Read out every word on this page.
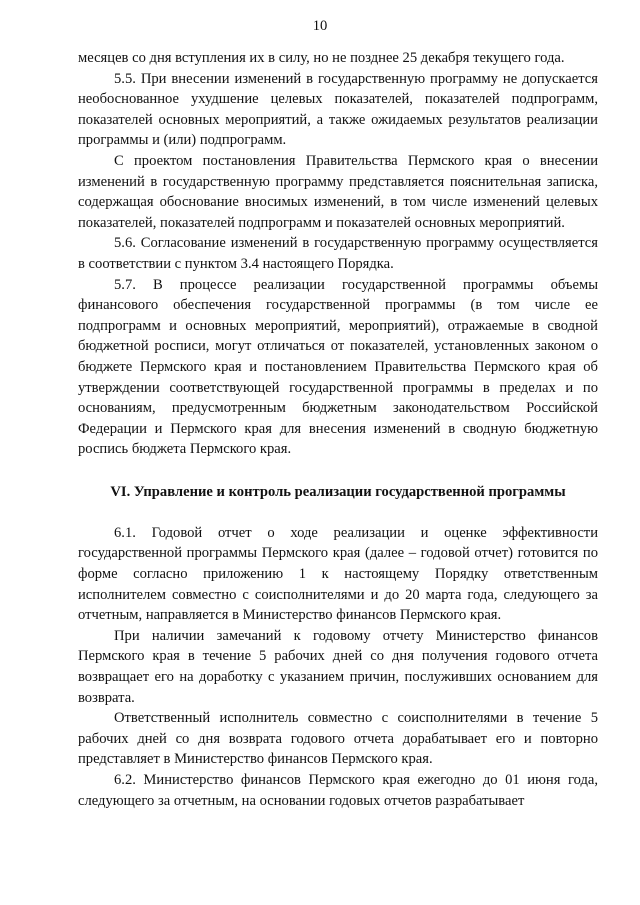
10

месяцев со дня вступления их в силу, но не позднее 25 декабря текущего года.

5.5. При внесении изменений в государственную программу не допускается необоснованное ухудшение целевых показателей, показателей подпрограмм, показателей основных мероприятий, а также ожидаемых результатов реализации программы и (или) подпрограмм.

С проектом постановления Правительства Пермского края о внесении изменений в государственную программу представляется пояснительная записка, содержащая обоснование вносимых изменений, в том числе изменений целевых показателей, показателей подпрограмм и показателей основных мероприятий.

5.6. Согласование изменений в государственную программу осуществляется в соответствии с пунктом 3.4 настоящего Порядка.

5.7. В процессе реализации государственной программы объемы финансового обеспечения государственной программы (в том числе ее подпрограмм и основных мероприятий, мероприятий), отражаемые в сводной бюджетной росписи, могут отличаться от показателей, установленных законом о бюджете Пермского края и постановлением Правительства Пермского края об утверждении соответствующей государственной программы в пределах и по основаниям, предусмотренным бюджетным законодательством Российской Федерации и Пермского края для внесения изменений в сводную бюджетную роспись бюджета Пермского края.

VI. Управление и контроль реализации государственной программы

6.1. Годовой отчет о ходе реализации и оценке эффективности государственной программы Пермского края (далее – годовой отчет) готовится по форме согласно приложению 1 к настоящему Порядку ответственным исполнителем совместно с соисполнителями и до 20 марта года, следующего за отчетным, направляется в Министерство финансов Пермского края.

При наличии замечаний к годовому отчету Министерство финансов Пермского края в течение 5 рабочих дней со дня получения годового отчета возвращает его на доработку с указанием причин, послуживших основанием для возврата.

Ответственный исполнитель совместно с соисполнителями в течение 5 рабочих дней со дня возврата годового отчета дорабатывает его и повторно представляет в Министерство финансов Пермского края.

6.2. Министерство финансов Пермского края ежегодно до 01 июня года, следующего за отчетным, на основании годовых отчетов разрабатывает
